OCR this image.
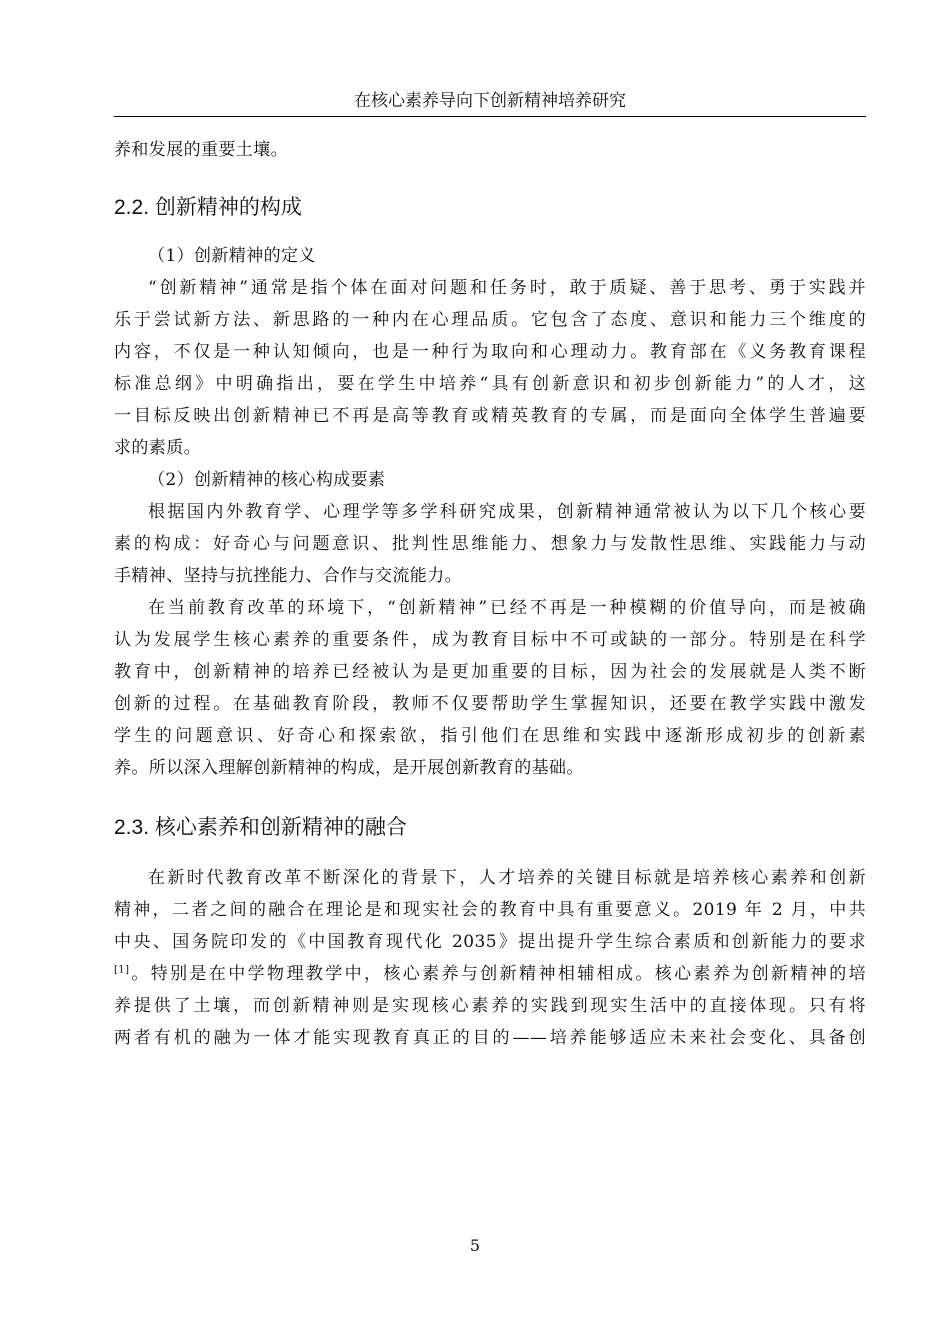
在核心素养导向下创新精神培养研究
养和发展的重要土壤。
2.2. 创新精神的构成
（1）创新精神的定义
“创新精神”通常是指个体在面对问题和任务时，敢于质疑、善于思考、勇于实践并
乐于尝试新方法、新思路的一种内在心理品质。它包含了态度、意识和能力三个维度的
内容，不仅是一种认知倾向，也是一种行为取向和心理动力。教育部在《义务教育课程
标准总纲》中明确指出，要在学生中培养“具有创新意识和初步创新能力”的人才，这
一目标反映出创新精神已不再是高等教育或精英教育的专属，而是面向全体学生普遍要
求的素质。
（2）创新精神的核心构成要素
根据国内外教育学、心理学等多学科研究成果，创新精神通常被认为以下几个核心要
素的构成：好奇心与问题意识、批判性思维能力、想象力与发散性思维、实践能力与动
手精神、坚持与抗挫能力、合作与交流能力。
在当前教育改革的环境下，“创新精神”已经不再是一种模糊的价值导向，而是被确
认为发展学生核心素养的重要条件，成为教育目标中不可或缺的一部分。特别是在科学
教育中，创新精神的培养已经被认为是更加重要的目标，因为社会的发展就是人类不断
创新的过程。在基础教育阶段，教师不仅要帮助学生掌握知识，还要在教学实践中激发
学生的问题意识、好奇心和探索欲，指引他们在思维和实践中逐渐形成初步的创新素
养。所以深入理解创新精神的构成，是开展创新教育的基础。
2.3. 核心素养和创新精神的融合
在新时代教育改革不断深化的背景下，人才培养的关键目标就是培养核心素养和创新
精神，二者之间的融合在理论是和现实社会的教育中具有重要意义。2019 年 2 月，中共
中央、国务院印发的《中国教育现代化 2035》提出提升学生综合素质和创新能力的要求
[1]。特别是在中学物理教学中，核心素养与创新精神相辅相成。核心素养为创新精神的培
养提供了土壤，而创新精神则是实现核心素养的实践到现实生活中的直接体现。只有将
两者有机的融为一体才能实现教育真正的目的——培养能够适应未来社会变化、具备创
5
